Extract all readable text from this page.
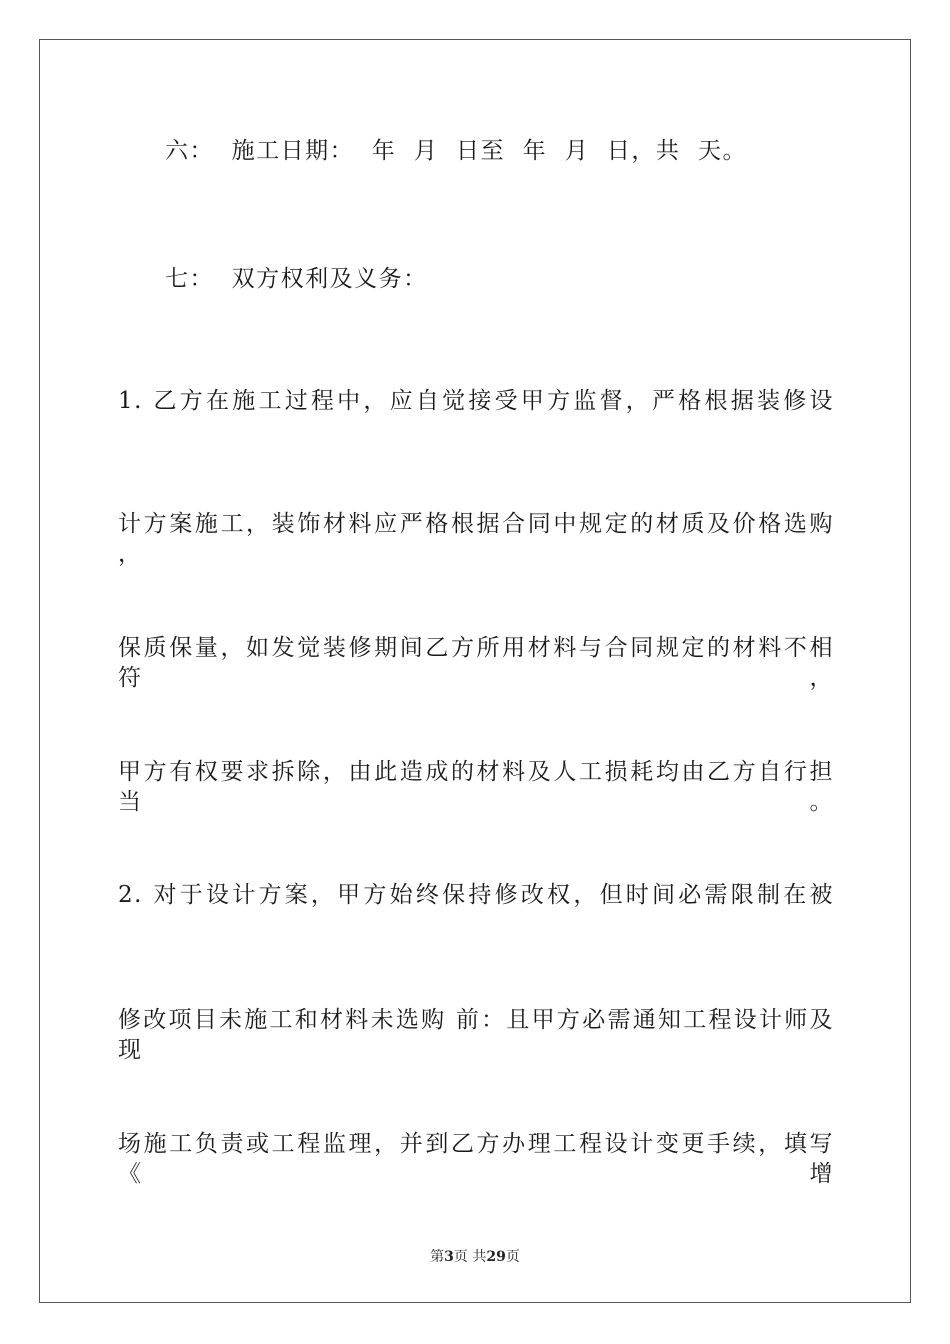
六：  施工日期：  年  月  日至  年  月  日，共  天。
七：  双方权利及义务：
1. 乙方在施工过程中，应自觉接受甲方监督，严格根据装修设
计方案施工，装饰材料应严格根据合同中规定的材质及价格选购 ，
保质保量，如发觉装修期间乙方所用材料与合同规定的材料不相符，
甲方有权要求拆除，由此造成的材料及人工损耗均由乙方自行担当。
2. 对于设计方案，甲方始终保持修改权，但时间必需限制在被
修改项目未施工和材料未选购 前：且甲方必需通知工程设计师及现
场施工负责或工程监理，并到乙方办理工程设计变更手续，填写《增
第3页 共29页
